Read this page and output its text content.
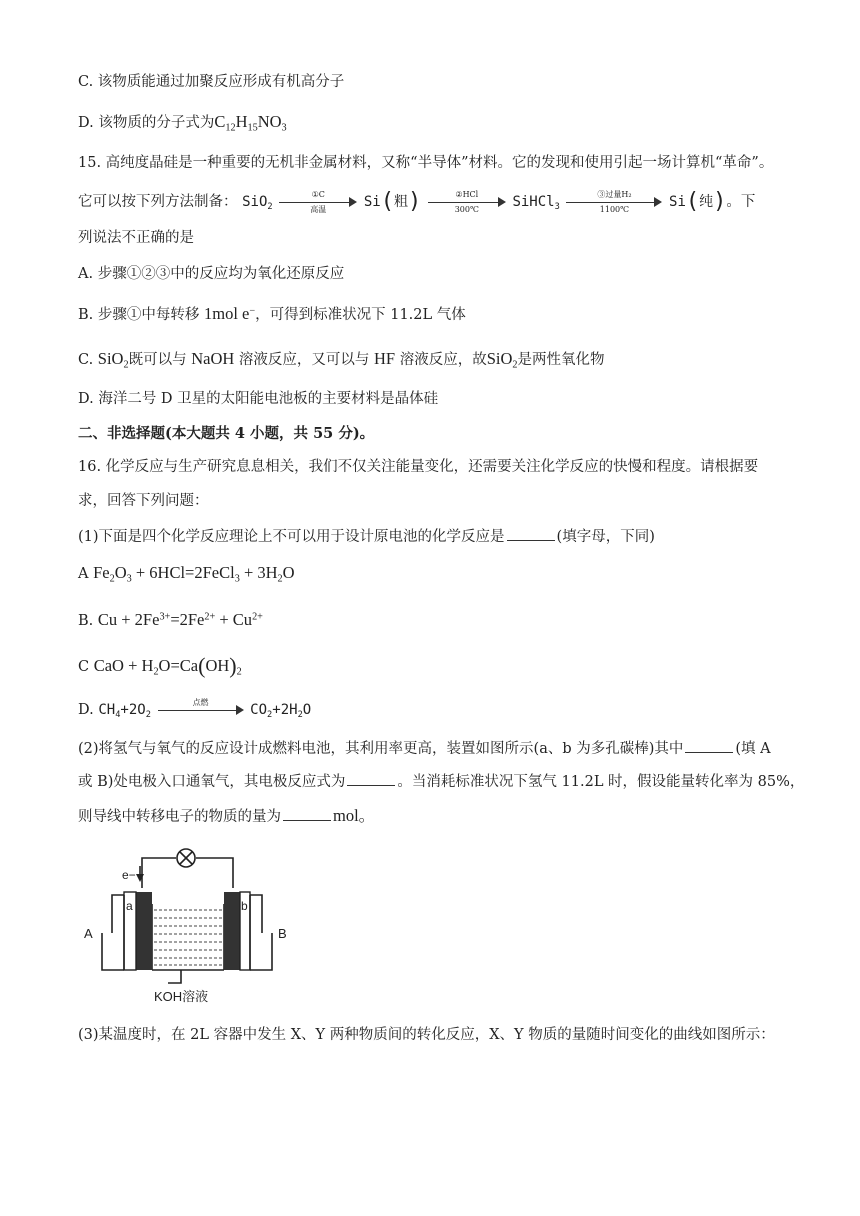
C. 该物质能通过加聚反应形成有机高分子
D. 该物质的分子式为$C_{12}H_{15}NO_3$
15. 高纯度晶硅是一种重要的无机非金属材料，又称“半导体”材料。它的发现和使用引起一场计算机“革命”。
它可以按下列方法制备： SiO$_2$
①C
高温	Si(粗)	②HCl
300℃	SiHCl$_3$
③过量H₂
1100℃	Si(纯)。下
列说法不正确的是
A. 步骤①②③中的反应均为氧化还原反应
B. 步骤①中每转移 1mol e−，可得到标准状况下 11.2L 气体
C. SiO$_2$既可以与 NaOH 溶液反应，又可以与 HF 溶液反应，故SiO$_2$是两性氧化物
D. 海洋二号 D 卫星的太阳能电池板的主要材料是晶体硅
二、非选择题(本大题共 4 小题，共 55 分)。
16. 化学反应与生产研究息息相关，我们不仅关注能量变化，还需要关注化学反应的快慢和程度。请根据要
求，回答下列问题：
(1)下面是四个化学反应理论上不可以用于设计原电池的化学反应是	(填字母，下同)
A $Fe_2O_3$ + 6HCl=2FeCl$_3$ + $3H_2O$
B. $Cu + 2Fe^{3+}=2Fe^{2+} + Cu^{2+}$
C CaO + $H_2O=Ca(OH)_2$
D. $CH_4+2O_2$
点燃	$CO_2+2H_2O$
(2)将氢气与氧气的反应设计成燃料电池，其利用率更高，装置如图所示(a、b 为多孔碳棒)其中	(填 A
或 B)处电极入口通氧气，其电极反应式为	。当消耗标准状况下氢气 11.2L 时，假设能量转化率为 85%，
则导线中转移电子的物质的量为	mol。
e−
a	b
A	B
KOH溶液
(3)某温度时，在 2L 容器中发生 X、Y 两种物质间的转化反应，X、Y 物质的量随时间变化的曲线如图所示：
